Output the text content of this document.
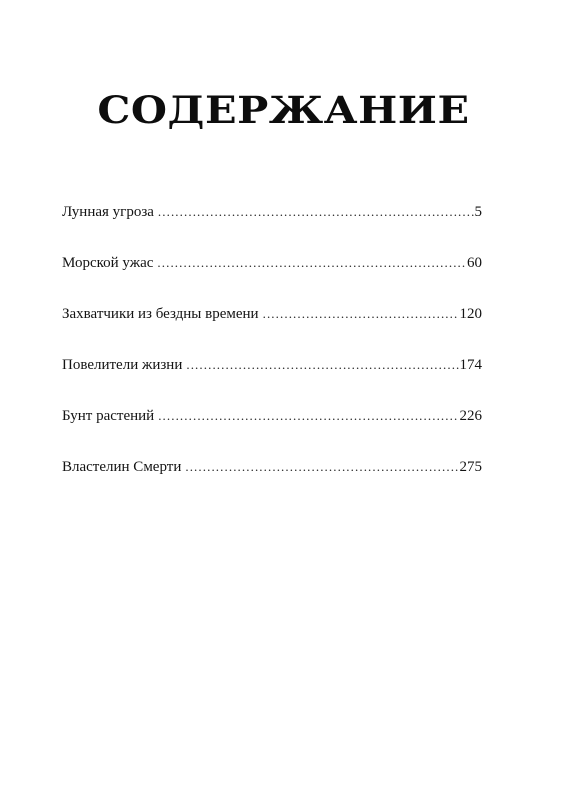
СОДЕРЖАНИЕ
Лунная угроза .....	5
Морской ужас .....	60
Захватчики из бездны времени .....	120
Повелители жизни .....	174
Бунт растений .....	226
Властелин Смерти .....	275
